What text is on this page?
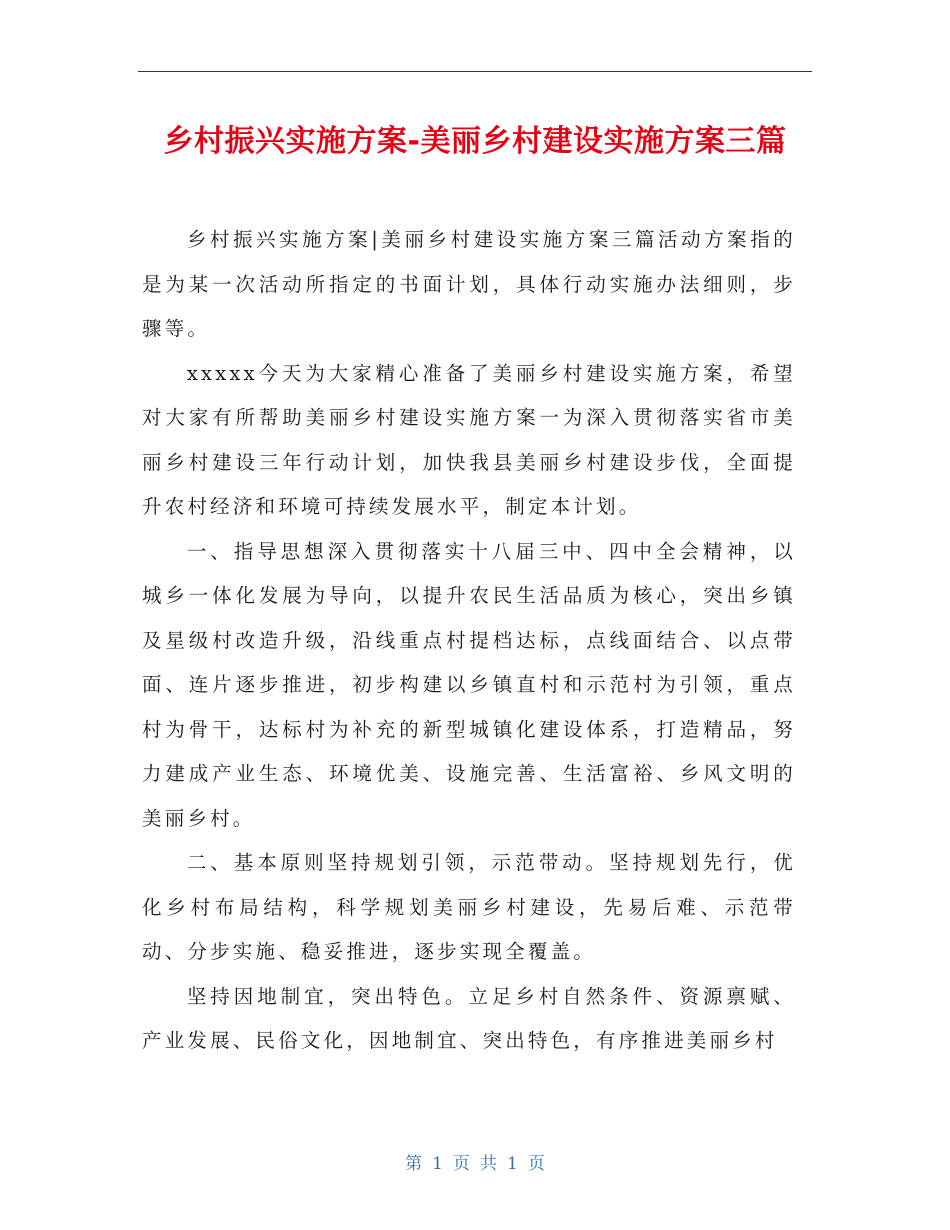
乡村振兴实施方案-美丽乡村建设实施方案三篇

乡村振兴实施方案|美丽乡村建设实施方案三篇活动方案指的是为某一次活动所指定的书面计划，具体行动实施办法细则，步骤等。

xxxxx今天为大家精心准备了美丽乡村建设实施方案，希望对大家有所帮助美丽乡村建设实施方案一为深入贯彻落实省市美丽乡村建设三年行动计划，加快我县美丽乡村建设步伐，全面提升农村经济和环境可持续发展水平，制定本计划。

一、指导思想深入贯彻落实十八届三中、四中全会精神，以城乡一体化发展为导向，以提升农民生活品质为核心，突出乡镇及星级村改造升级，沿线重点村提档达标，点线面结合、以点带面、连片逐步推进，初步构建以乡镇直村和示范村为引领，重点村为骨干，达标村为补充的新型城镇化建设体系，打造精品，努力建成产业生态、环境优美、设施完善、生活富裕、乡风文明的美丽乡村。

二、基本原则坚持规划引领，示范带动。坚持规划先行，优化乡村布局结构，科学规划美丽乡村建设，先易后难、示范带动、分步实施、稳妥推进，逐步实现全覆盖。

坚持因地制宜，突出特色。立足乡村自然条件、资源禀赋、产业发展、民俗文化，因地制宜、突出特色，有序推进美丽乡村

第 1 页 共 1 页
